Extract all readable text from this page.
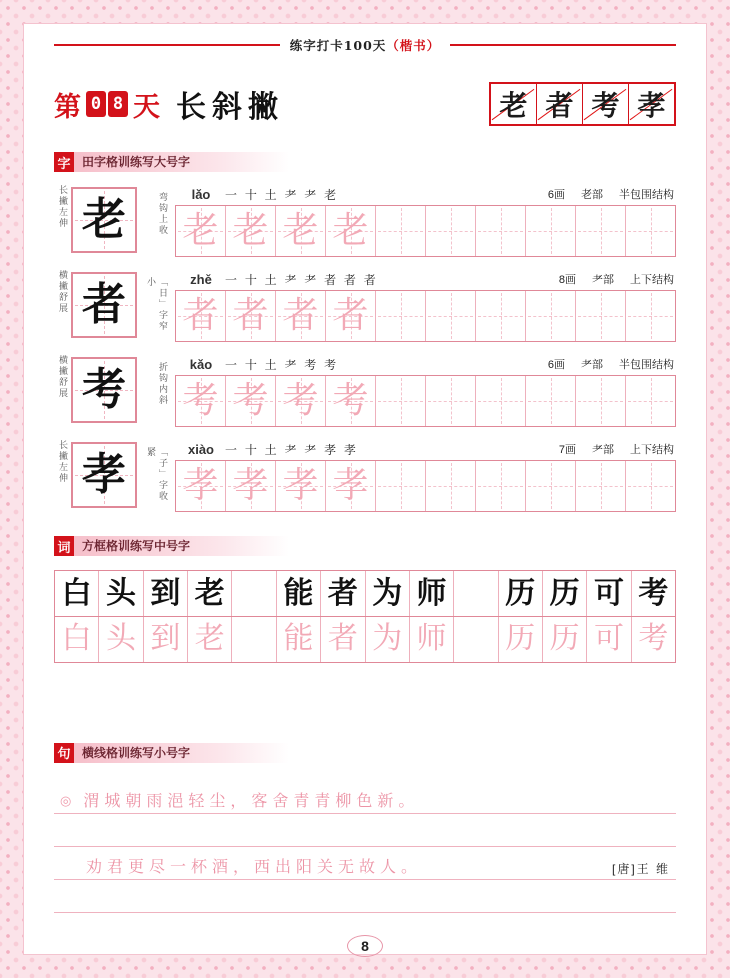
练字打卡100天（楷书）
第 0 8 天 长斜撇	老 者 考 孝
字 田字格训练写大号字
长撇左伸 老	弯钩上收	lǎo	一 十 土 耂 耂 老	6画 老部 半包围结构
老 老 老 老
横撇舒展 者	「日」字窄小	zhě	一 十 土 耂 耂 者 者 者	8画 耂部 上下结构
者 者 者 者
横撇舒展 考	折钩内斜	kǎo	一 十 土 耂 考 考	6画 耂部 半包围结构
考 考 考 考
长撇左伸 孝	「子」字收紧	xiào 一 十 土 耂 耂 孝 孝	7画 耂部 上下结构
孝 孝 孝 孝
词 方框格训练写中号字
白 头 到 老 能 者 为 师 历 历 可 考
白 头 到 老 能 者 为 师 历 历 可 考
句 横线格训练写小号字
◎ 渭城朝雨浥轻尘，客舍青青柳色新。
劝君更尽一杯酒，西出阳关无故人。	[唐]王 维
8
